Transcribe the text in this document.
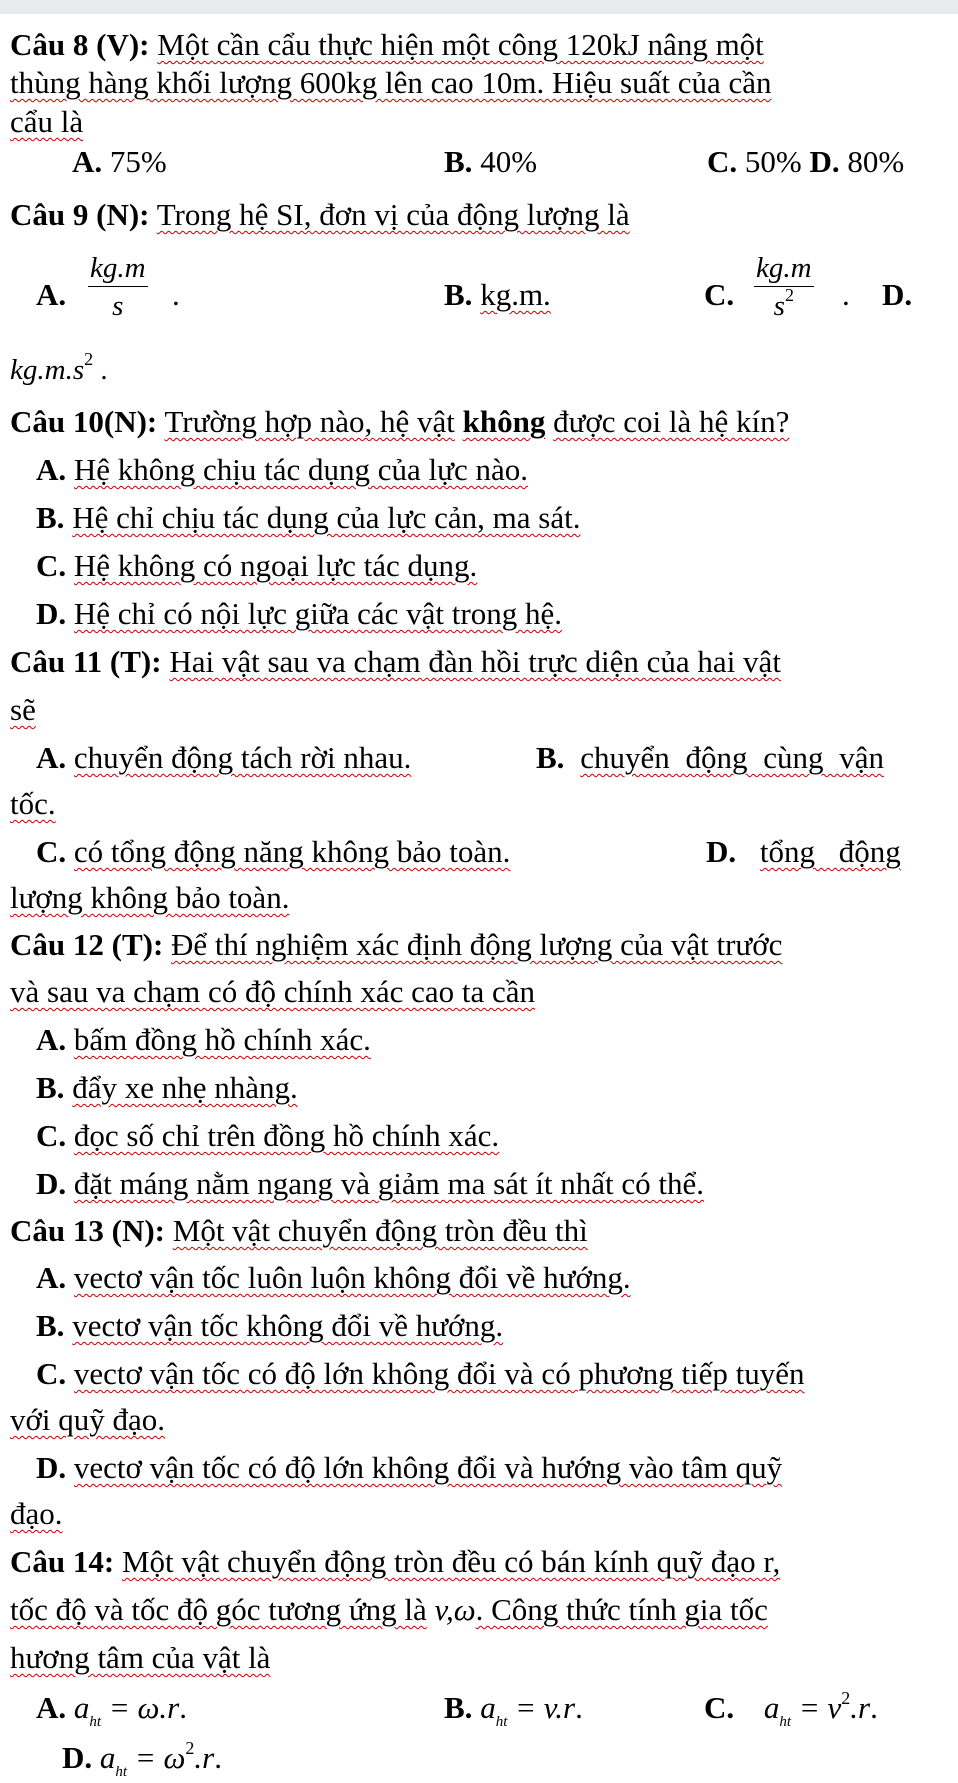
Câu 8 (V): Một cần cẩu thực hiện một công 120kJ nâng một
thùng hàng khối lượng 600kg lên cao 10m. Hiệu suất của cần
cẩu là
A. 75%	B. 40%	C. 50% D. 80%
Câu 9 (N): Trong hệ SI, đơn vị của động lượng là
A. $\frac{kg.m}{s}$ .	B. kg.m.	C. $\frac{kg.m}{s^2}$ . D.
$kg.m.s^2$ .
Câu 10(N): Trường hợp nào, hệ vật không được coi là hệ kín?
A. Hệ không chịu tác dụng của lực nào.
B. Hệ chỉ chịu tác dụng của lực cản, ma sát.
C. Hệ không có ngoại lực tác dụng.
D. Hệ chỉ có nội lực giữa các vật trong hệ.
Câu 11 (T): Hai vật sau va chạm đàn hồi trực diện của hai vật
sẽ
A. chuyển động tách rời nhau.	B. chuyển động cùng vận
tốc.
C. có tổng động năng không bảo toàn.	D. tổng động
lượng không bảo toàn.
Câu 12 (T): Để thí nghiệm xác định động lượng của vật trước
và sau va chạm có độ chính xác cao ta cần
A. bấm đồng hồ chính xác.
B. đẩy xe nhẹ nhàng.
C. đọc số chỉ trên đồng hồ chính xác.
D. đặt máng nằm ngang và giảm ma sát ít nhất có thể.
Câu 13 (N): Một vật chuyển động tròn đều thì
A. vectơ vận tốc luôn luộn không đổi về hướng.
B. vectơ vận tốc không đổi về hướng.
C. vectơ vận tốc có độ lớn không đổi và có phương tiếp tuyến
với quỹ đạo.
D. vectơ vận tốc có độ lớn không đổi và hướng vào tâm quỹ
đạo.
Câu 14: Một vật chuyển động tròn đều có bán kính quỹ đạo r,
tốc độ và tốc độ góc tương ứng là v,ω. Công thức tính gia tốc
hương tâm của vật là
A. $a_{ht} = \omega.r$.	B. $a_{ht} = v.r$.	C. $a_{ht} = v^2.r$.
D. $a_{ht} = \omega^2.r$.
